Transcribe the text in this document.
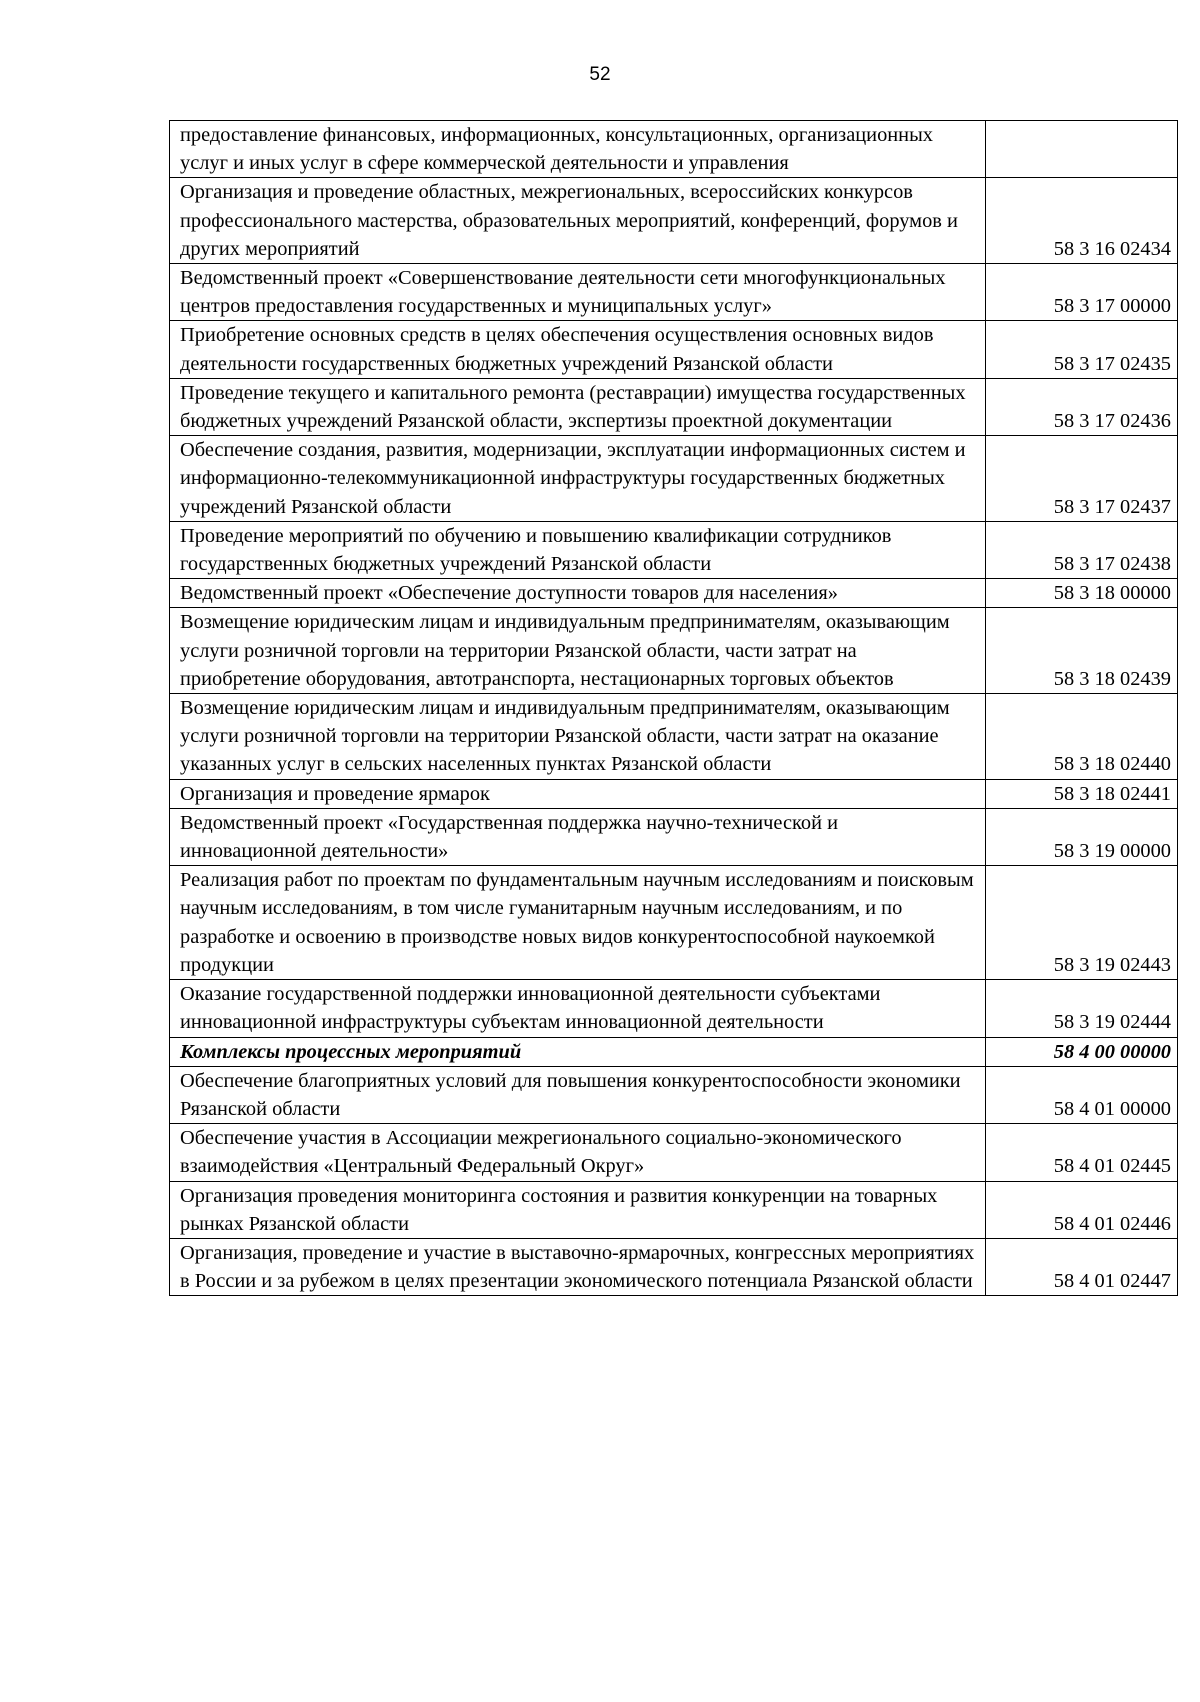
52
предоставление финансовых, информационных, консультационных, организационных услуг и иных услуг в сфере коммерческой деятельности и управления	
Организация и проведение областных, межрегиональных, всероссийских конкурсов профессионального мастерства, образовательных мероприятий, конференций, форумов и других мероприятий	58 3 16 02434
Ведомственный проект «Совершенствование деятельности сети многофункциональных центров предоставления государственных и муниципальных услуг»	58 3 17 00000
Приобретение основных средств в целях обеспечения осуществления основных видов деятельности государственных бюджетных учреждений Рязанской области	58 3 17 02435
Проведение текущего и капитального ремонта (реставрации) имущества государственных бюджетных учреждений Рязанской области, экспертизы проектной документации	58 3 17 02436
Обеспечение создания, развития, модернизации, эксплуатации информационных систем и информационно-телекоммуникационной инфраструктуры государственных бюджетных учреждений Рязанской области	58 3 17 02437
Проведение мероприятий по обучению и повышению квалификации сотрудников государственных бюджетных учреждений Рязанской области	58 3 17 02438
Ведомственный проект «Обеспечение доступности товаров для населения»	58 3 18 00000
Возмещение юридическим лицам и индивидуальным предпринимателям, оказывающим услуги розничной торговли на территории Рязанской области, части затрат на приобретение оборудования, автотранспорта, нестационарных торговых объектов	58 3 18 02439
Возмещение юридическим лицам и индивидуальным предпринимателям, оказывающим услуги розничной торговли на территории Рязанской области, части затрат на оказание указанных услуг в сельских населенных пунктах Рязанской области	58 3 18 02440
Организация и проведение ярмарок	58 3 18 02441
Ведомственный проект «Государственная поддержка научно-технической и инновационной деятельности»	58 3 19 00000
Реализация работ по проектам по фундаментальным научным исследованиям и поисковым научным исследованиям, в том числе гуманитарным научным исследованиям, и по разработке и освоению в производстве новых видов конкурентоспособной наукоемкой продукции	58 3 19 02443
Оказание государственной поддержки инновационной деятельности субъектами инновационной инфраструктуры субъектам инновационной деятельности	58 3 19 02444
Комплексы процессных мероприятий	58 4 00 00000
Обеспечение благоприятных условий для повышения конкурентоспособности экономики Рязанской области	58 4 01 00000
Обеспечение участия в Ассоциации межрегионального социально-экономического взаимодействия «Центральный Федеральный Округ»	58 4 01 02445
Организация проведения мониторинга состояния и развития конкуренции на товарных рынках Рязанской области	58 4 01 02446
Организация, проведение и участие в выставочно-ярмарочных, конгрессных мероприятиях в России и за рубежом в целях презентации экономического потенциала Рязанской области	58 4 01 02447
